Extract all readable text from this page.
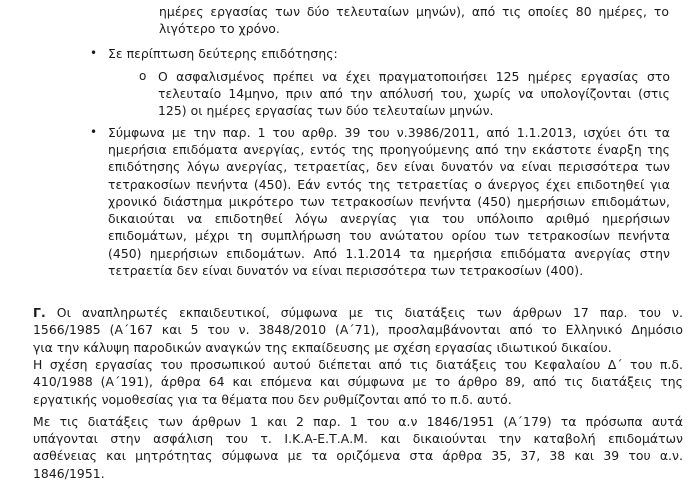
ημέρες εργασίας των δύο τελευταίων μηνών), από τις οποίες 80 ημέρες, το
λιγότερο το χρόνο.
• Σε περίπτωση δεύτερης επιδότησης:
o Ο ασφαλισμένος πρέπει να έχει πραγματοποιήσει 125 ημέρες εργασίας στο
τελευταίο 14μηνο, πριν από την απόλυσή του, χωρίς να υπολογίζονται (στις
125) οι ημέρες εργασίας των δύο τελευταίων μηνών.
• Σύμφωνα με την παρ. 1 του αρθρ. 39 του ν.3986/2011, από 1.1.2013, ισχύει ότι τα
ημερήσια επιδόματα ανεργίας, εντός της προηγούμενης από την εκάστοτε έναρξη της
επιδότησης λόγω ανεργίας, τετραετίας, δεν είναι δυνατόν να είναι περισσότερα των
τετρακοσίων πενήντα (450). Εάν εντός της τετραετίας ο άνεργος έχει επιδοτηθεί για
χρονικό διάστημα μικρότερο των τετρακοσίων πενήντα (450) ημερήσιων επιδομάτων,
δικαιούται να επιδοτηθεί λόγω ανεργίας για του υπόλοιπο αριθμό ημερήσιων
επιδομάτων, μέχρι τη συμπλήρωση του ανώτατου ορίου των τετρακοσίων πενήντα
(450) ημερήσιων επιδομάτων. Από 1.1.2014 τα ημερήσια επιδόματα ανεργίας στην
τετραετία δεν είναι δυνατόν να είναι περισσότερα των τετρακοσίων (400).
Γ. Οι αναπληρωτές εκπαιδευτικοί, σύμφωνα με τις διατάξεις των άρθρων 17 παρ. του ν.
1566/1985 (Α΄167 και 5 του ν. 3848/2010 (Α΄71), προσλαμβάνονται από το Ελληνικό Δημόσιο
για την κάλυψη παροδικών αναγκών της εκπαίδευσης με σχέση εργασίας ιδιωτικού δικαίου.
Η σχέση εργασίας του προσωπικού αυτού διέπεται από τις διατάξεις του Κεφαλαίου Δ΄ του π.δ.
410/1988 (Α΄191), άρθρα 64 και επόμενα και σύμφωνα με το άρθρο 89, από τις διατάξεις της
εργατικής νομοθεσίας για τα θέματα που δεν ρυθμίζονται από το π.δ. αυτό.
Με τις διατάξεις των άρθρων 1 και 2 παρ. 1 του α.ν 1846/1951 (Α΄179) τα πρόσωπα αυτά
υπάγονται στην ασφάλιση του τ. Ι.Κ.Α-Ε.Τ.Α.Μ. και δικαιούνται την καταβολή επιδομάτων
ασθένειας και μητρότητας σύμφωνα με τα οριζόμενα στα άρθρα 35, 37, 38 και 39 του α.ν.
1846/1951.
